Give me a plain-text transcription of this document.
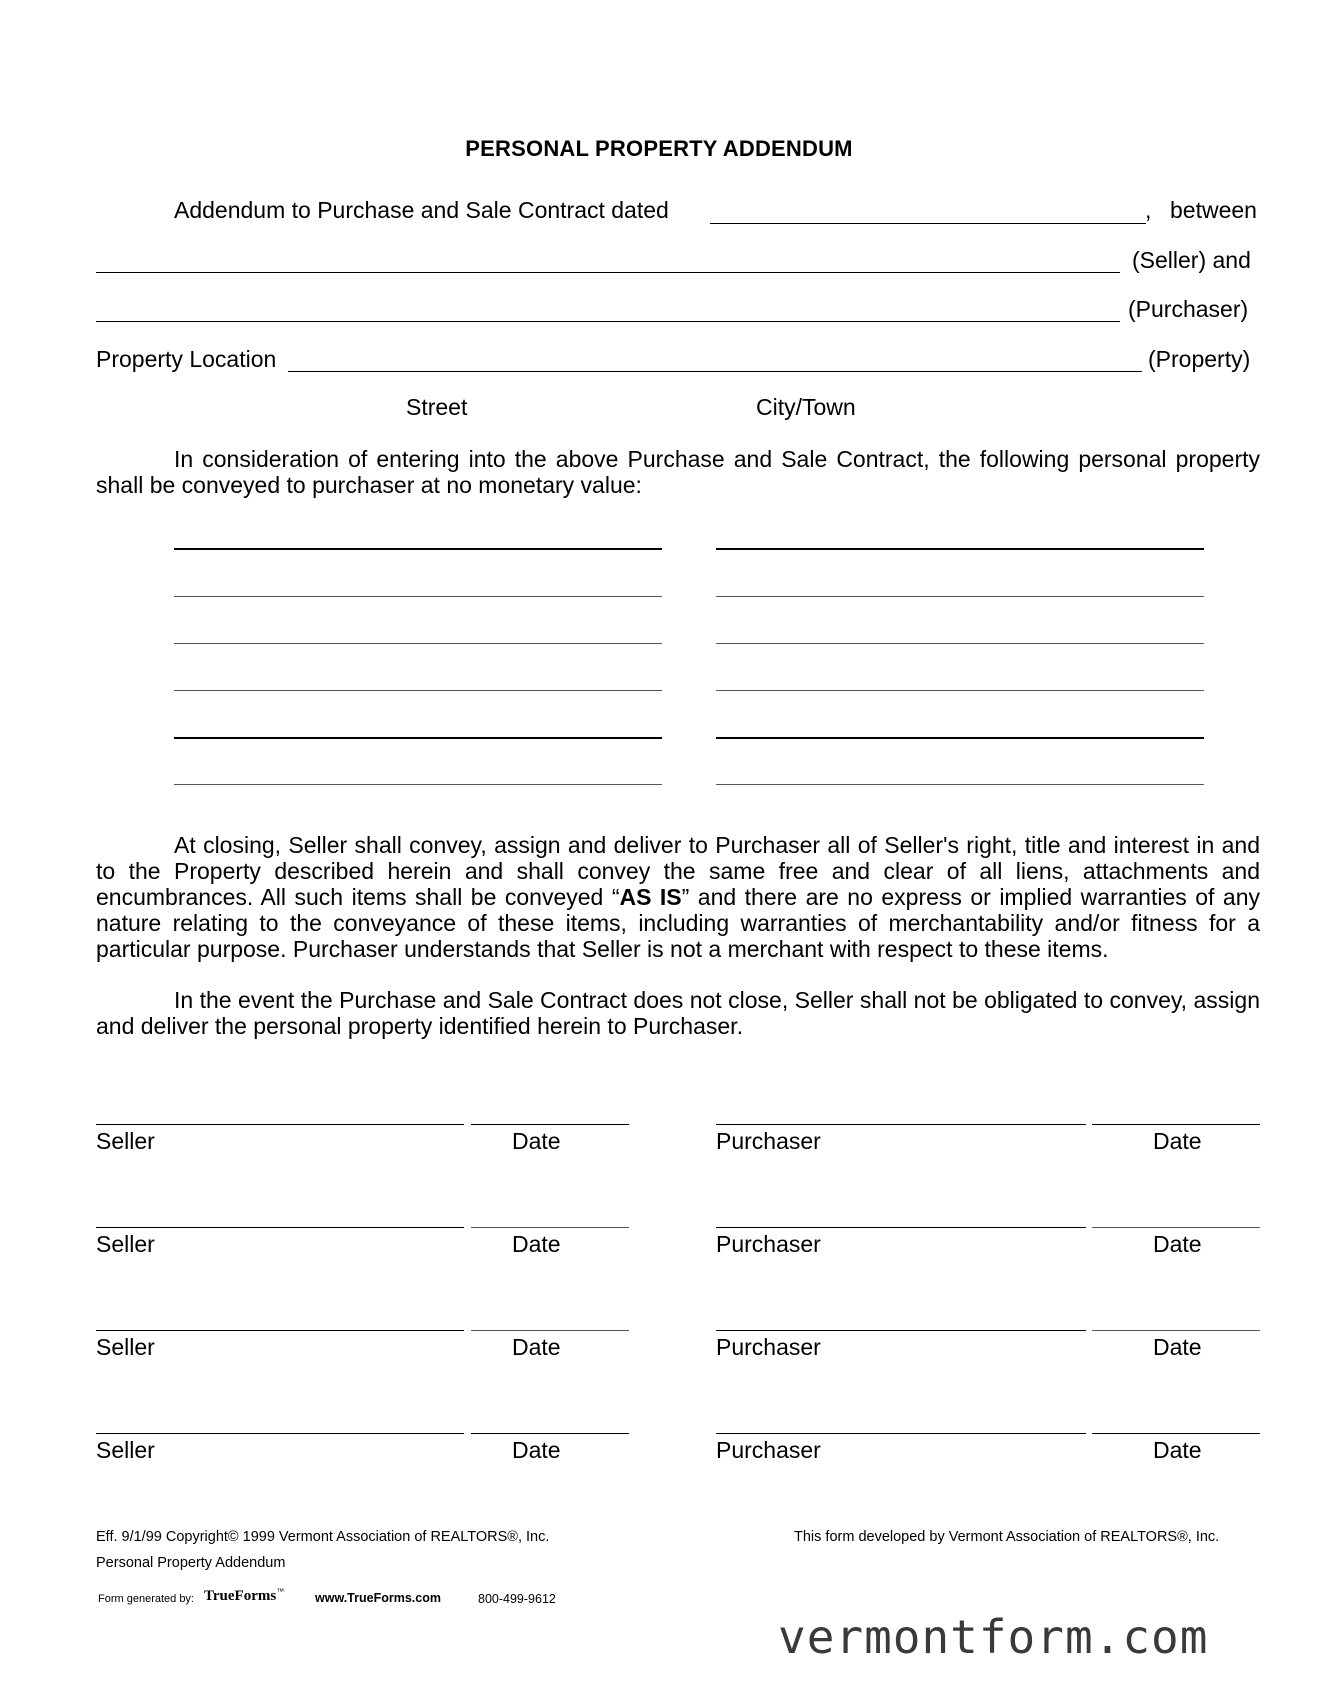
PERSONAL PROPERTY ADDENDUM
Addendum to Purchase and Sale Contract dated	, between
(Seller) and
(Purchaser)
Property Location	(Property)
Street	City/Town
In consideration of entering into the above Purchase and Sale Contract, the following personal property shall be conveyed to purchaser at no monetary value:
At closing, Seller shall convey, assign and deliver to Purchaser all of Seller's right, title and interest in and to the Property described herein and shall convey the same free and clear of all liens, attachments and encumbrances. All such items shall be conveyed “AS IS” and there are no express or implied warranties of any nature relating to the conveyance of these items, including warranties of merchantability and/or fitness for a particular purpose. Purchaser understands that Seller is not a merchant with respect to these items.
In the event the Purchase and Sale Contract does not close, Seller shall not be obligated to convey, assign and deliver the personal property identified herein to Purchaser.
Seller	Date	Purchaser	Date
Seller	Date	Purchaser	Date
Seller	Date	Purchaser	Date
Seller	Date	Purchaser	Date
Eff. 9/1/99 Copyright© 1999 Vermont Association of REALTORS®, Inc.	This form developed by Vermont Association of REALTORS®, Inc.
Personal Property Addendum
Form generated by: TrueForms™ www.TrueForms.com	800-499-9612
vermontform.com
